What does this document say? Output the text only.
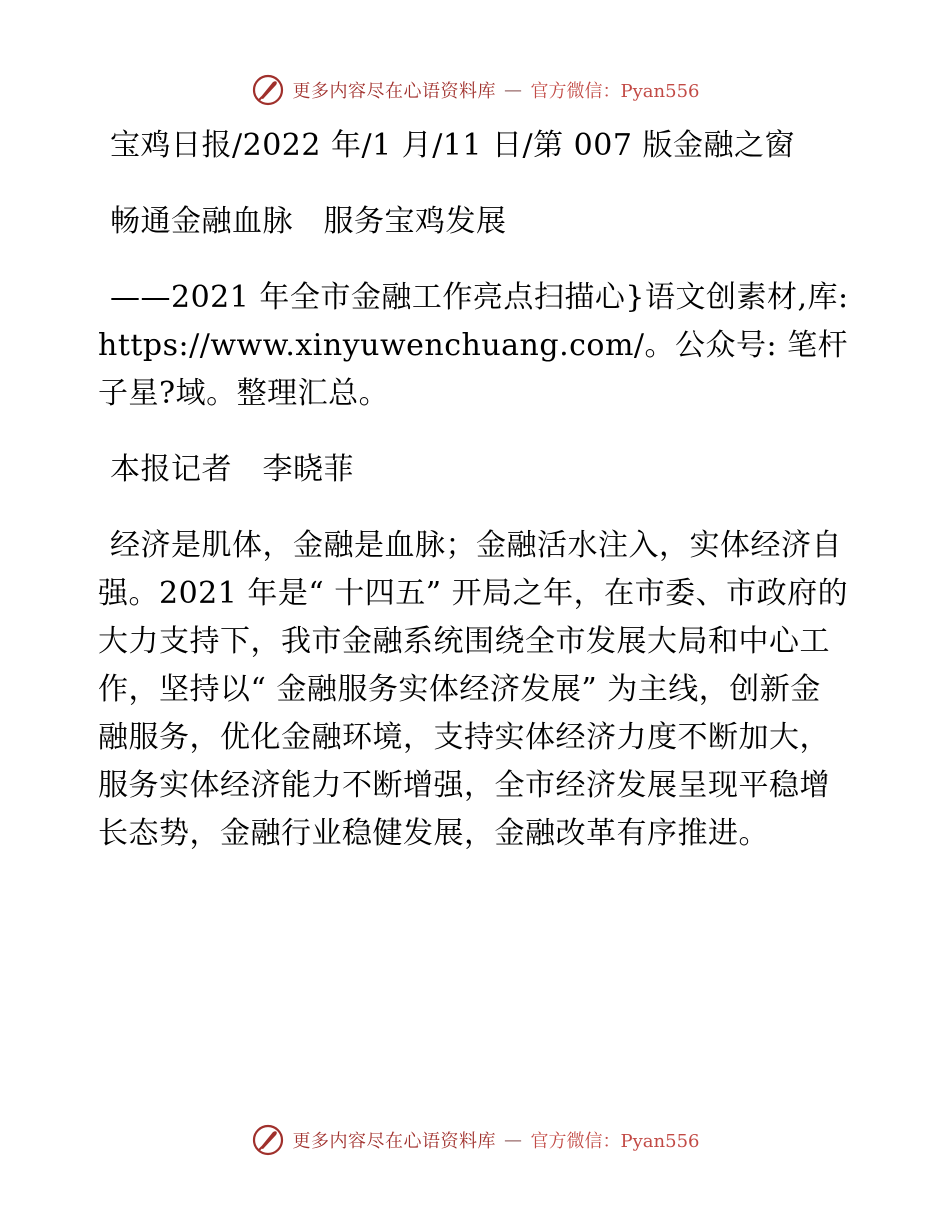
更多内容尽在心语资料库 — 官方微信：Pyan556

宝鸡日报/2022 年/1 月/11 日/第 007 版金融之窗

畅通金融血脉　服务宝鸡发展

——2021 年全市金融工作亮点扫描心}语文创素材,库: https://www.xinyuwenchuang.com/。公众号: 笔杆子星?域。整理汇总。

本报记者　李晓菲

经济是肌体，金融是血脉；金融活水注入，实体经济自强。2021 年是“ 十四五” 开局之年，在市委、市政府的大力支持下，我市金融系统围绕全市发展大局和中心工作，坚持以“ 金融服务实体经济发展” 为主线，创新金融服务，优化金融环境，支持实体经济力度不断加大，服务实体经济能力不断增强，全市经济发展呈现平稳增长态势，金融行业稳健发展，金融改革有序推进。

更多内容尽在心语资料库 — 官方微信：Pyan556
